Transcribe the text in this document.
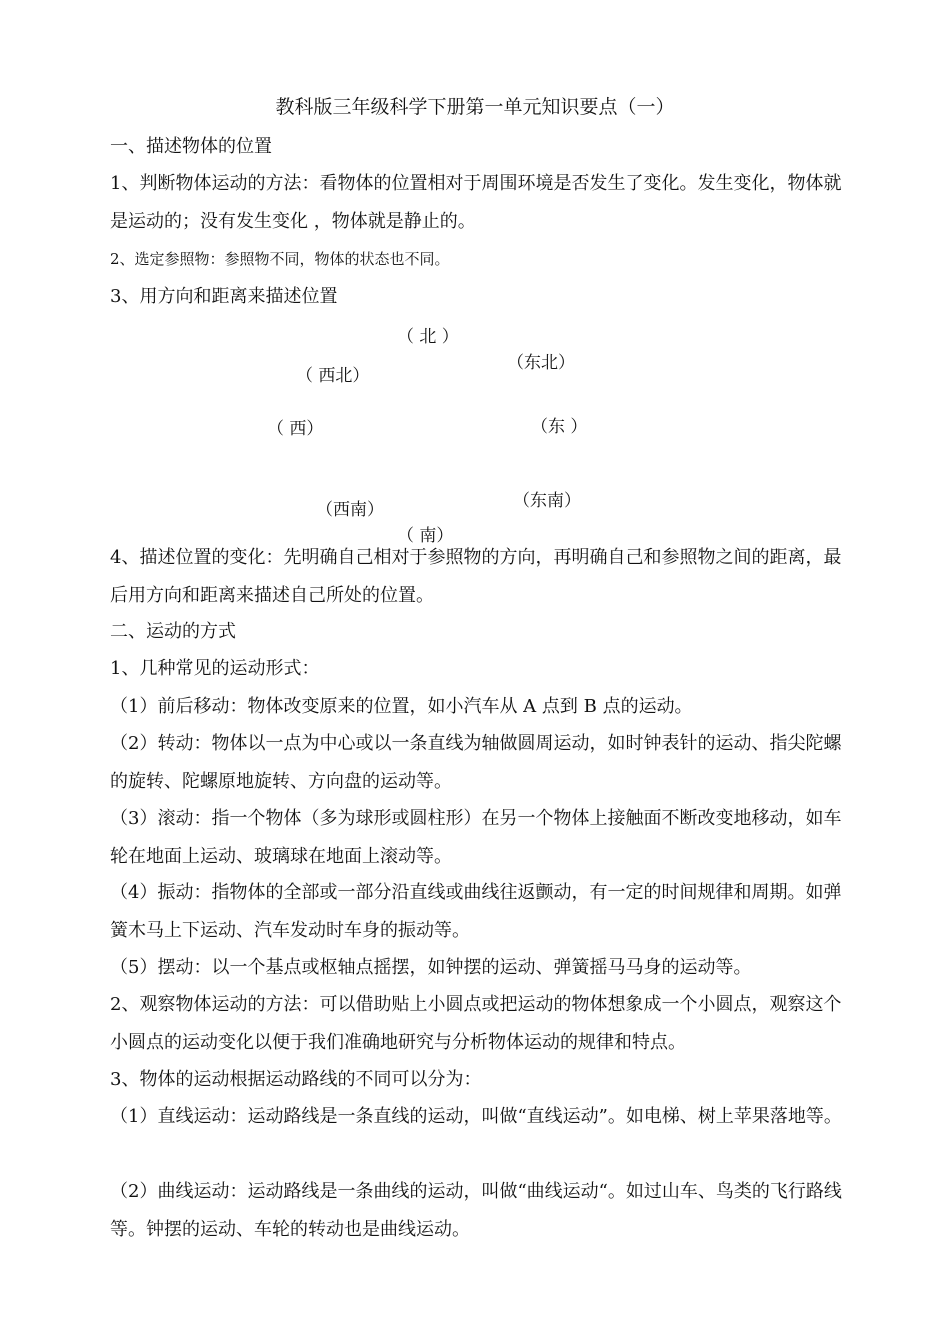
教科版三年级科学下册第一单元知识要点（一）
一、描述物体的位置
1、判断物体运动的方法：看物体的位置相对于周围环境是否发生了变化。发生变化，物体就是运动的；没有发生变化 ，物体就是静止的。
2、选定参照物：参照物不同，物体的状态也不同。
3、用方向和距离来描述位置
（ 北 ）
（东北）
（ 西北）
（ 西）	（东 ）
（西南）	（东南）
（ 南）
4、描述位置的变化：先明确自己相对于参照物的方向，再明确自己和参照物之间的距离，最后用方向和距离来描述自己所处的位置。
二、运动的方式
1、几种常见的运动形式：
（1）前后移动：物体改变原来的位置，如小汽车从 A 点到 B 点的运动。
（2）转动：物体以一点为中心或以一条直线为轴做圆周运动，如时钟表针的运动、指尖陀螺的旋转、陀螺原地旋转、方向盘的运动等。
（3）滚动：指一个物体（多为球形或圆柱形）在另一个物体上接触面不断改变地移动，如车轮在地面上运动、玻璃球在地面上滚动等。
（4）振动：指物体的全部或一部分沿直线或曲线往返颤动，有一定的时间规律和周期。如弹簧木马上下运动、汽车发动时车身的振动等。
（5）摆动：以一个基点或枢轴点摇摆，如钟摆的运动、弹簧摇马马身的运动等。
2、观察物体运动的方法：可以借助贴上小圆点或把运动的物体想象成一个小圆点，观察这个小圆点的运动变化以便于我们准确地研究与分析物体运动的规律和特点。
3、物体的运动根据运动路线的不同可以分为：
（1）直线运动：运动路线是一条直线的运动，叫做“直线运动”。如电梯、树上苹果落地等。
（2）曲线运动：运动路线是一条曲线的运动，叫做“曲线运动“。如过山车、鸟类的飞行路线等。钟摆的运动、车轮的转动也是曲线运动。
